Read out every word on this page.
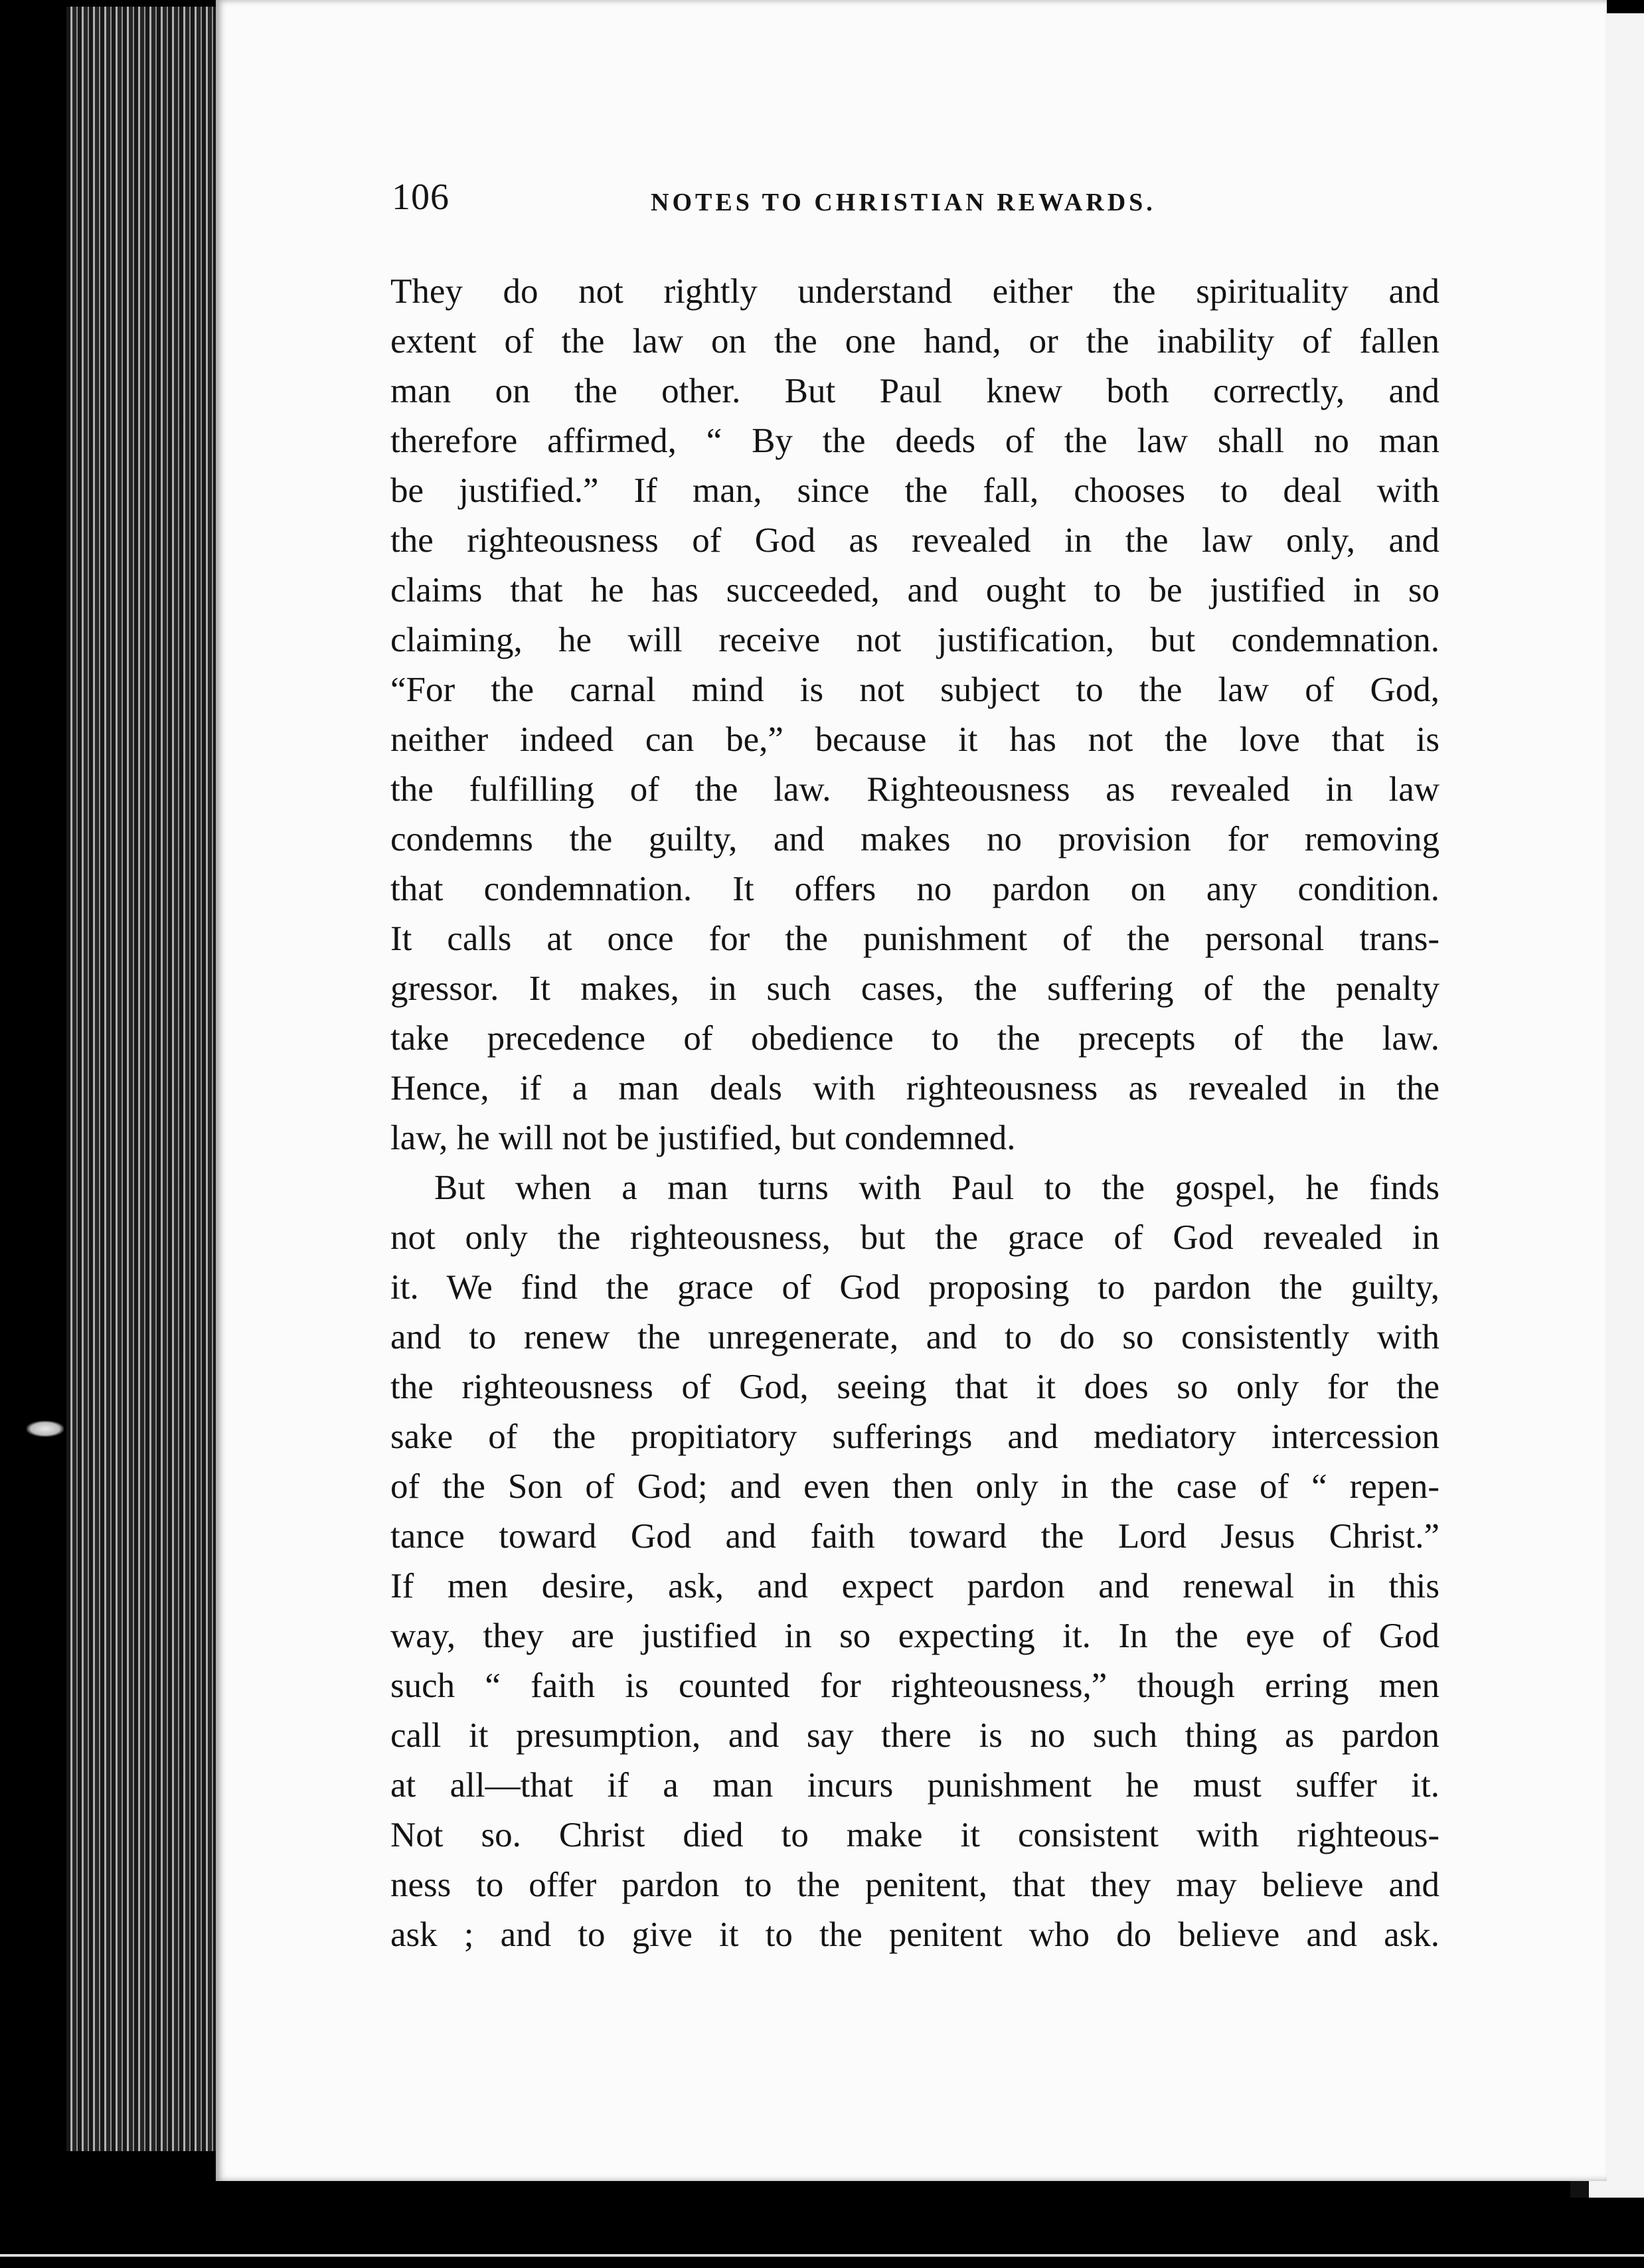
106	NOTES TO CHRISTIAN REWARDS.
They do not rightly understand either the spirituality and
extent of the law on the one hand, or the inability of fallen
man on the other. But Paul knew both correctly, and
therefore affirmed, “ By the deeds of the law shall no man
be justified.” If man, since the fall, chooses to deal with
the righteousness of God as revealed in the law only, and
claims that he has succeeded, and ought to be justified in so
claiming, he will receive not justification, but condemnation.
“For the carnal mind is not subject to the law of God,
neither indeed can be,” because it has not the love that is
the fulfilling of the law. Righteousness as revealed in law
condemns the guilty, and makes no provision for removing
that condemnation. It offers no pardon on any condition.
It calls at once for the punishment of the personal trans-
gressor. It makes, in such cases, the suffering of the penalty
take precedence of obedience to the precepts of the law.
Hence, if a man deals with righteousness as revealed in the
law, he will not be justified, but condemned.
But when a man turns with Paul to the gospel, he finds
not only the righteousness, but the grace of God revealed in
it. We find the grace of God proposing to pardon the guilty,
and to renew the unregenerate, and to do so consistently with
the righteousness of God, seeing that it does so only for the
sake of the propitiatory sufferings and mediatory intercession
of the Son of God; and even then only in the case of “ repen-
tance toward God and faith toward the Lord Jesus Christ.”
If men desire, ask, and expect pardon and renewal in this
way, they are justified in so expecting it. In the eye of God
such “ faith is counted for righteousness,” though erring men
call it presumption, and say there is no such thing as pardon
at all—that if a man incurs punishment he must suffer it.
Not so. Christ died to make it consistent with righteous-
ness to offer pardon to the penitent, that they may believe and
ask ; and to give it to the penitent who do believe and ask.
